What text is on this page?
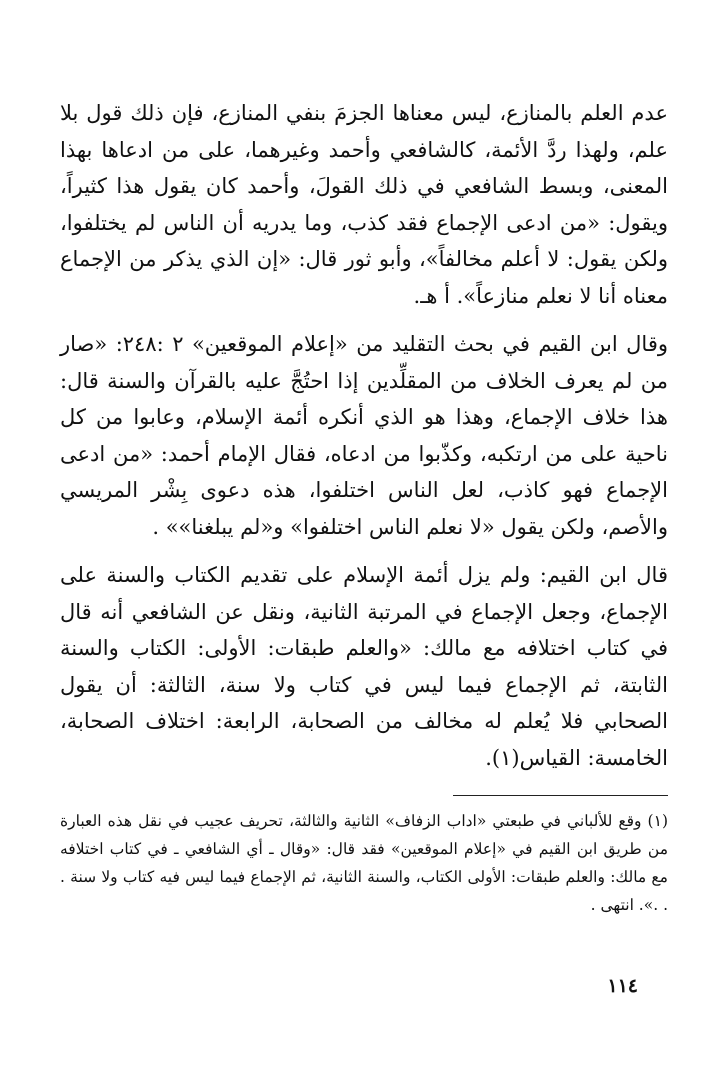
عدم العلم بالمنازع، ليس معناها الجزمَ بنفي المنازع، فإن ذلك قول بلا علم، ولهذا ردَّ الأئمة، كالشافعي وأحمد وغيرهما، على من ادعاها بهذا المعنى، وبسط الشافعي في ذلك القولَ، وأحمد كان يقول هذا كثيراً، ويقول: «من ادعى الإجماع فقد كذب، وما يدريه أن الناس لم يختلفوا، ولكن يقول: لا أعلم مخالفاً»، وأبو ثور قال: «إن الذي يذكر من الإجماع معناه أنا لا نعلم منازعاً». أ هـ.

وقال ابن القيم في بحث التقليد من «إعلام الموقعين» ٢ :٢٤٨: «صار من لم يعرف الخلاف من المقلِّدين إذا احتُجَّ عليه بالقرآن والسنة قال: هذا خلاف الإجماع، وهذا هو الذي أنكره أئمة الإسلام، وعابوا من كل ناحية على من ارتكبه، وكذّبوا من ادعاه، فقال الإمام أحمد: «من ادعى الإجماع فهو كاذب، لعل الناس اختلفوا، هذه دعوى بِشْر المريسي والأصم، ولكن يقول «لا نعلم الناس اختلفوا» و«لم يبلغنا»» .

قال ابن القيم: ولم يزل أئمة الإسلام على تقديم الكتاب والسنة على الإجماع، وجعل الإجماع في المرتبة الثانية، ونقل عن الشافعي أنه قال في كتاب اختلافه مع مالك: «والعلم طبقات: الأولى: الكتاب والسنة الثابتة، ثم الإجماع فيما ليس في كتاب ولا سنة، الثالثة: أن يقول الصحابي فلا يُعلم له مخالف من الصحابة، الرابعة: اختلاف الصحابة، الخامسة: القياس(١).

(١) وقع للألباني في طبعتي «اداب الزفاف» الثانية والثالثة، تحريف عجيب في نقل هذه العبارة من طريق ابن القيم في «إعلام الموقعين» فقد قال: «وقال ـ أي الشافعي ـ في كتاب اختلافه مع مالك: والعلم طبقات: الأولى الكتاب، والسنة الثانية، ثم الإجماع فيما ليس فيه كتاب ولا سنة . . .». انتهى .

١١٤
